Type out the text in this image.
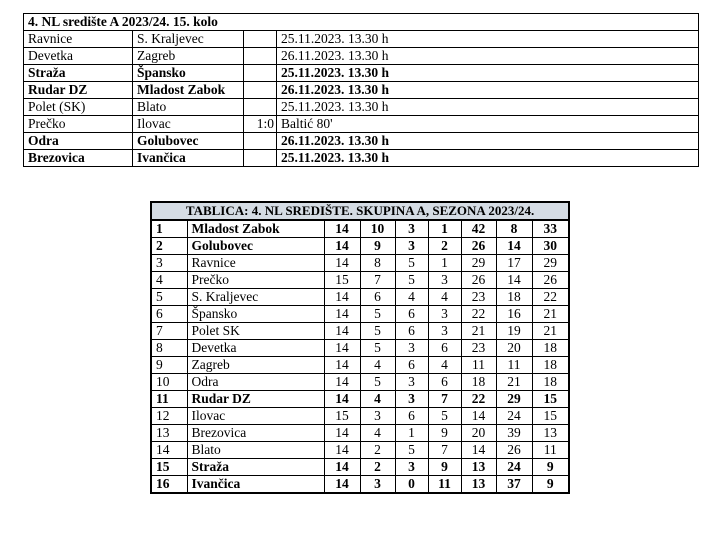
4. NL središte A 2023/24. 15. kolo			
Ravnice	S. Kraljevec		25.11.2023. 13.30 h
Devetka	Zagreb		26.11.2023. 13.30 h
Straža	Špansko		25.11.2023. 13.30 h
Rudar DZ	Mladost Zabok		26.11.2023. 13.30 h
Polet (SK)	Blato		25.11.2023. 13.30 h
Prečko	Ilovac	1:0	Baltić 80'
Odra	Golubovec		26.11.2023. 13.30 h
Brezovica	Ivančica		25.11.2023. 13.30 h
TABLICA: 4. NL SREDIŠTE. SKUPINA A, SEZONA 2023/24.								
1	Mladost Zabok	14	10	3	1	42	8	33
2	Golubovec	14	9	3	2	26	14	30
3	Ravnice	14	8	5	1	29	17	29
4	Prečko	15	7	5	3	26	14	26
5	S. Kraljevec	14	6	4	4	23	18	22
6	Špansko	14	5	6	3	22	16	21
7	Polet SK	14	5	6	3	21	19	21
8	Devetka	14	5	3	6	23	20	18
9	Zagreb	14	4	6	4	11	11	18
10	Odra	14	5	3	6	18	21	18
11	Rudar DZ	14	4	3	7	22	29	15
12	Ilovac	15	3	6	5	14	24	15
13	Brezovica	14	4	1	9	20	39	13
14	Blato	14	2	5	7	14	26	11
15	Straža	14	2	3	9	13	24	9
16	Ivančica	14	3	0	11	13	37	9
